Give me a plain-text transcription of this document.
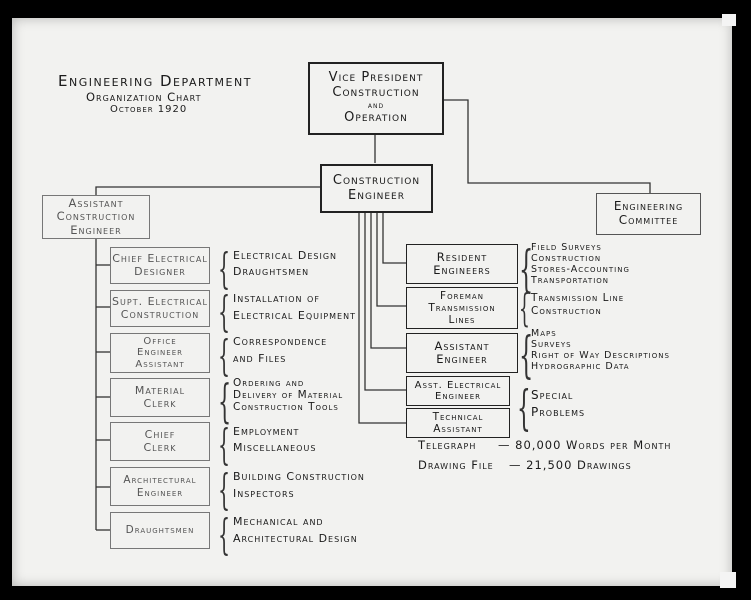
Engineering Department
Organization Chart
October 1920
Vice President
Construction
and
Operation
Construction
Engineer
Assistant
Construction
Engineer
Engineering
Committee
Chief Electrical
Designer { Electrical Design
Draughtsmen
Supt. Electrical
Construction { Installation of
Electrical Equipment
Office
Engineer
Assistant { Correspondence
and Files
Material
Clerk { Ordering and
Delivery of Material
Construction Tools
Chief
Clerk { Employment
Miscellaneous
Architectural
Engineer { Building Construction
Inspectors
Draughtsmen { Mechanical and
Architectural Design
Resident
Engineers {
Field Surveys
Construction
Stores-Accounting
Transportation
Foreman
Transmission
Lines { Transmission Line
Construction
Assistant
Engineer {
Maps
Surveys
Right of Way Descriptions
Hydrographic Data
Asst. Electrical
Engineer
Technical
Assistant { Special
Problems
Telegraph — 80,000 Words per Month
Drawing File — 21,500 Drawings
